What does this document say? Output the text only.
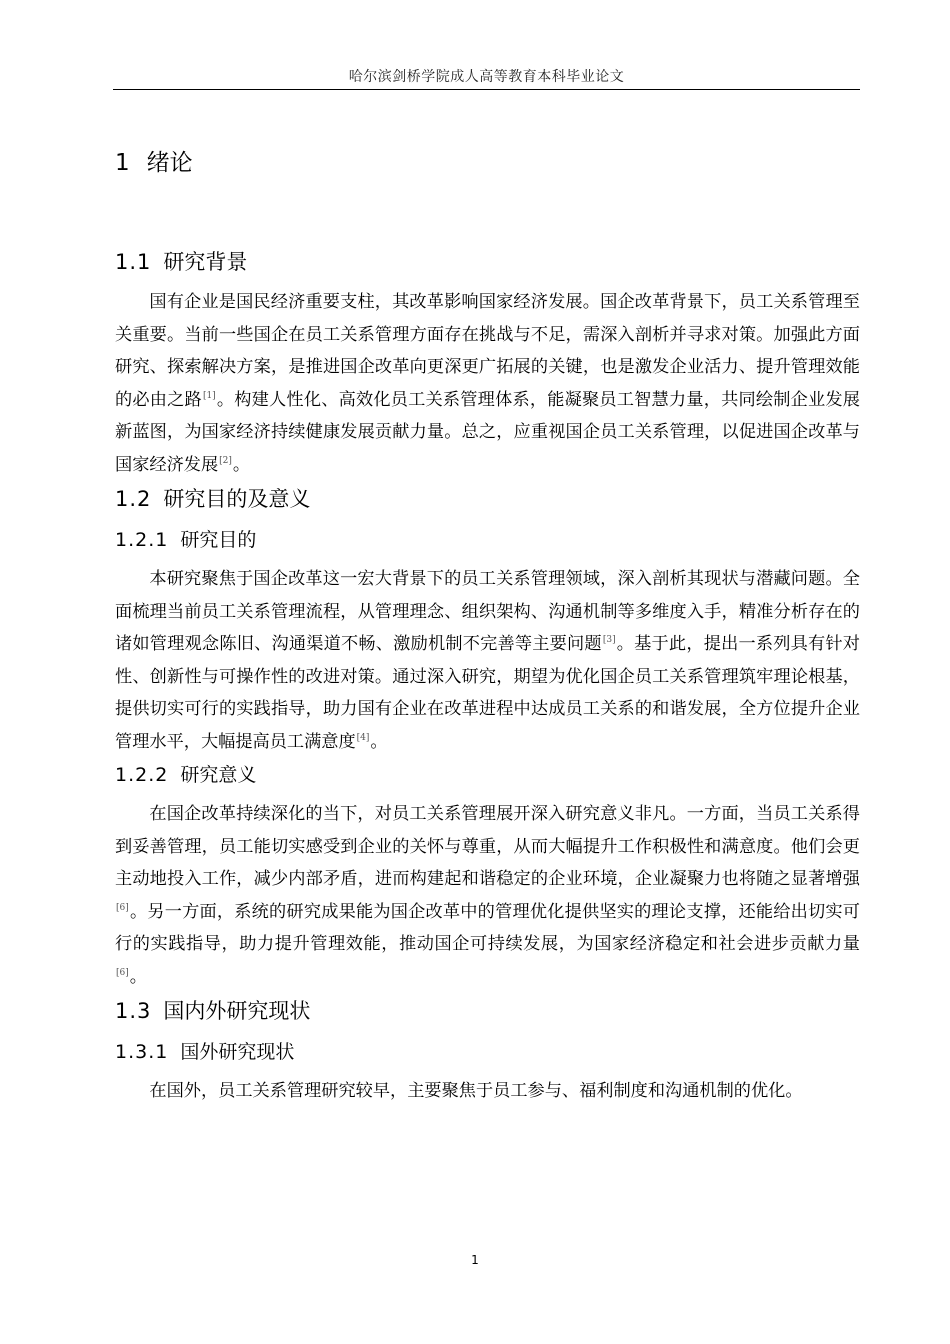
哈尔滨剑桥学院成人高等教育本科毕业论文
1 绪论
1.1 研究背景

国有企业是国民经济重要支柱，其改革影响国家经济发展。国企改革背景下，员工关系管理至关重要。当前一些国企在员工关系管理方面存在挑战与不足，需深入剖析并寻求对策。加强此方面研究、探索解决方案，是推进国企改革向更深更广拓展的关键，也是激发企业活力、提升管理效能的必由之路[1]。构建人性化、高效化员工关系管理体系，能凝聚员工智慧力量，共同绘制企业发展新蓝图，为国家经济持续健康发展贡献力量。总之，应重视国企员工关系管理，以促进国企改革与国家经济发展[2]。

1.2 研究目的及意义
1.2.1 研究目的

本研究聚焦于国企改革这一宏大背景下的员工关系管理领域，深入剖析其现状与潜藏问题。全面梳理当前员工关系管理流程，从管理理念、组织架构、沟通机制等多维度入手，精准分析存在的诸如管理观念陈旧、沟通渠道不畅、激励机制不完善等主要问题[3]。基于此，提出一系列具有针对性、创新性与可操作性的改进对策。通过深入研究，期望为优化国企员工关系管理筑牢理论根基，提供切实可行的实践指导，助力国有企业在改革进程中达成员工关系的和谐发展，全方位提升企业管理水平，大幅提高员工满意度[4]。

1.2.2 研究意义

在国企改革持续深化的当下，对员工关系管理展开深入研究意义非凡。一方面，当员工关系得到妥善管理，员工能切实感受到企业的关怀与尊重，从而大幅提升工作积极性和满意度。他们会更主动地投入工作，减少内部矛盾，进而构建起和谐稳定的企业环境，企业凝聚力也将随之显著增强[6]。另一方面，系统的研究成果能为国企改革中的管理优化提供坚实的理论支撑，还能给出切实可行的实践指导，助力提升管理效能，推动国企可持续发展，为国家经济稳定和社会进步贡献力量[6]。

1.3 国内外研究现状
1.3.1 国外研究现状

在国外，员工关系管理研究较早，主要聚焦于员工参与、福利制度和沟通机制的优化。

1
